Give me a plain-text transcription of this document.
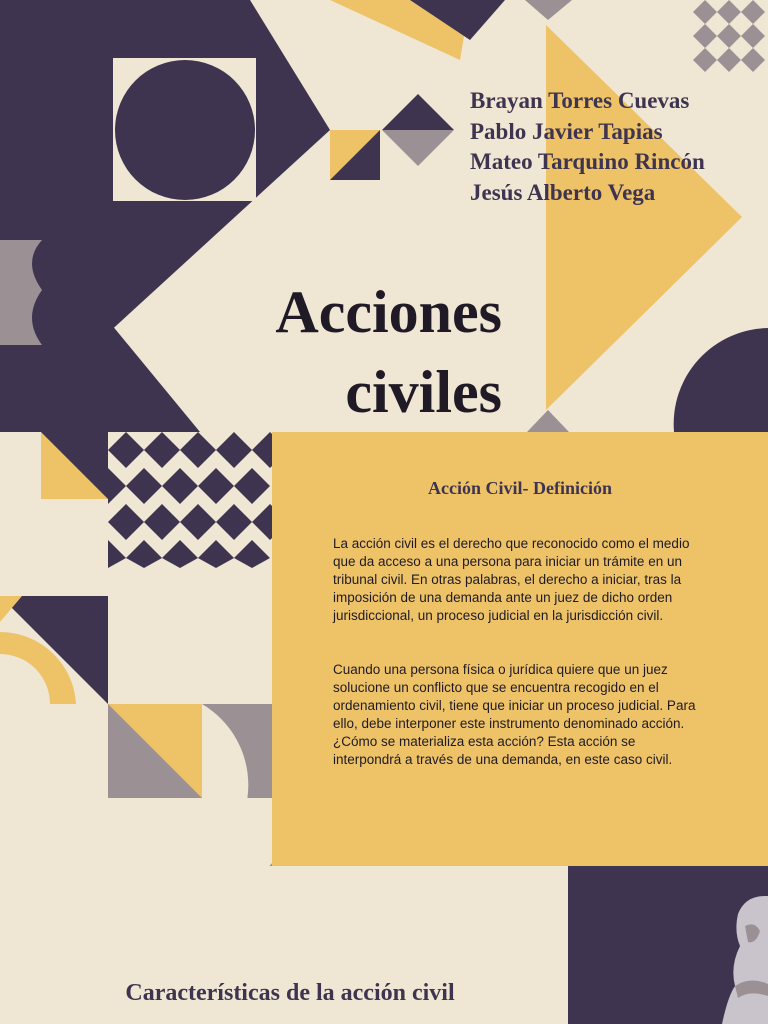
Brayan Torres Cuevas
Pablo Javier Tapias
Mateo Tarquino Rincón
Jesús Alberto Vega
Acciones
civiles
Acción Civil- Definición

La acción civil es el derecho que reconocido como el medio que da acceso a una persona para iniciar un trámite en un tribunal civil. En otras palabras, el derecho a iniciar, tras la imposición de una demanda ante un juez de dicho orden jurisdiccional, un proceso judicial en la jurisdicción civil.

Cuando una persona física o jurídica quiere que un juez solucione un conflicto que se encuentra recogido en el ordenamiento civil, tiene que iniciar un proceso judicial. Para ello, debe interponer este instrumento denominado acción. ¿Cómo se materializa esta acción? Esta acción se interpondrá a través de una demanda, en este caso civil.

Características de la acción civil
